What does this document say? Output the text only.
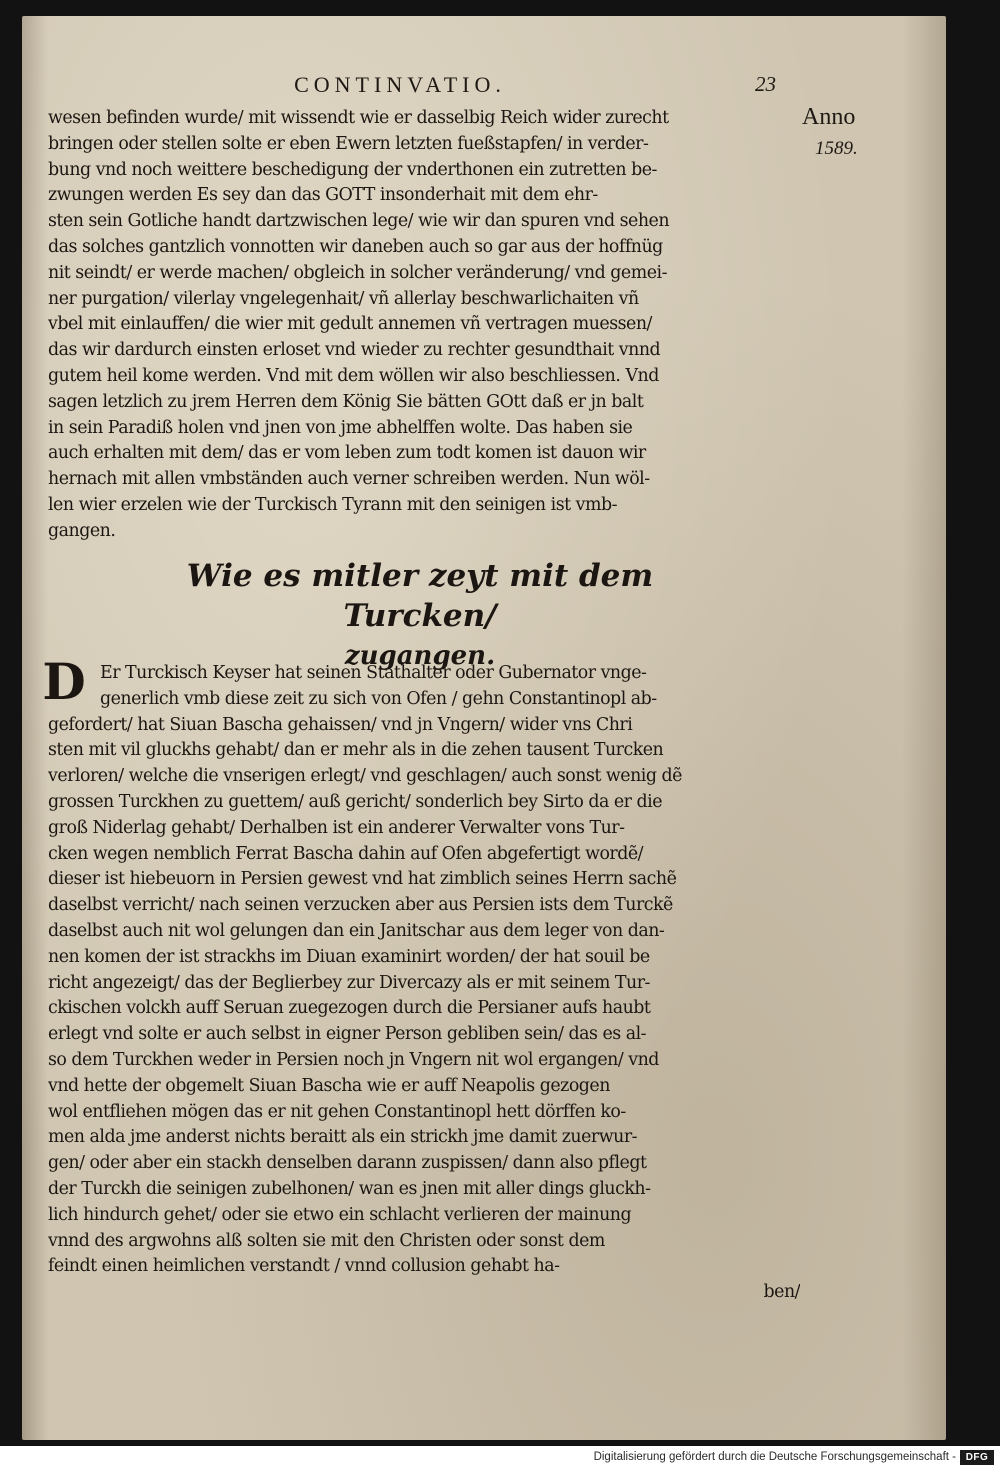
CONTINVATIO.	23
Anno
1589.

wesen befinden wurde/ mit wissendt wie er dasselbig Reich wider zurecht
bringen oder stellen solte er eben Ewern letzten fueßstapfen/ in verder-
bung vnd noch weittere beschedigung der vnderthonen ein zutretten be-
zwungen werden Es sey dan das GOTT insonderhait mit dem ehr-
sten sein Gotliche handt dartzwischen lege/ wie wir dan spuren vnd sehen
das solches gantzlich vonnotten wir daneben auch so gar aus der hoffnüg
nit seindt/ er werde machen/ obgleich in solcher veränderung/ vnd gemei-
ner purgation/ vilerlay vngelegenhait/ vñ allerlay beschwarlichaiten vñ
vbel mit einlauffen/ die wier mit gedult annemen vñ vertragen muessen/
das wir dardurch einsten erloset vnd wieder zu rechter gesundthait vnnd
gutem heil kome werden. Vnd mit dem wöllen wir also beschliessen. Vnd
sagen letzlich zu jrem Herren dem König Sie bätten GOtt daß er jn balt
in sein Paradiß holen vnd jnen von jme abhelffen wolte. Das haben sie
auch erhalten mit dem/ das er vom leben zum todt komen ist dauon wir
hernach mit allen vmbständen auch verner schreiben werden. Nun wöl-
len wier erzelen wie der Turckisch Tyrann mit den seinigen ist vmb-
gangen.

Wie es mitler zeyt mit dem Turcken/
zugangen.
D Er Turckisch Keyser hat seinen Stathalter oder Gubernator vnge-
generlich vmb diese zeit zu sich von Ofen / gehn Constantinopl ab-
gefordert/ hat Siuan Bascha gehaissen/ vnd jn Vngern/ wider vns Chri
sten mit vil gluckhs gehabt/ dan er mehr als in die zehen tausent Turcken
verloren/ welche die vnserigen erlegt/ vnd geschlagen/ auch sonst wenig dẽ
grossen Turckhen zu guettem/ auß gericht/ sonderlich bey Sirto da er die
groß Niderlag gehabt/ Derhalben ist ein anderer Verwalter vons Tur-
cken wegen nemblich Ferrat Bascha dahin auf Ofen abgefertigt wordẽ/
dieser ist hiebeuorn in Persien gewest vnd hat zimblich seines Herrn sachẽ
daselbst verricht/ nach seinen verzucken aber aus Persien ists dem Turckẽ
daselbst auch nit wol gelungen dan ein Janitschar aus dem leger von dan-
nen komen der ist strackhs im Diuan examinirt worden/ der hat souil be
richt angezeigt/ das der Beglierbey zur Divercazy als er mit seinem Tur-
ckischen volckh auff Seruan zuegezogen durch die Persianer aufs haubt
erlegt vnd solte er auch selbst in eigner Person gebliben sein/ das es al-
so dem Turckhen weder in Persien noch jn Vngern nit wol ergangen/ vnd
vnd hette der obgemelt Siuan Bascha wie er auff Neapolis gezogen
wol entfliehen mögen das er nit gehen Constantinopl hett dörffen ko-
men alda jme anderst nichts beraitt als ein strickh jme damit zuerwur-
gen/ oder aber ein stackh denselben darann zuspissen/ dann also pflegt
der Turckh die seinigen zubelhonen/ wan es jnen mit aller dings gluckh-
lich hindurch gehet/ oder sie etwo ein schlacht verlieren der mainung
vnnd des argwohns alß solten sie mit den Christen oder sonst dem
feindt einen heimlichen verstandt / vnnd collusion gehabt ha-
ben/

Digitalisierung gefördert durch die Deutsche Forschungsgemeinschaft - DFG
